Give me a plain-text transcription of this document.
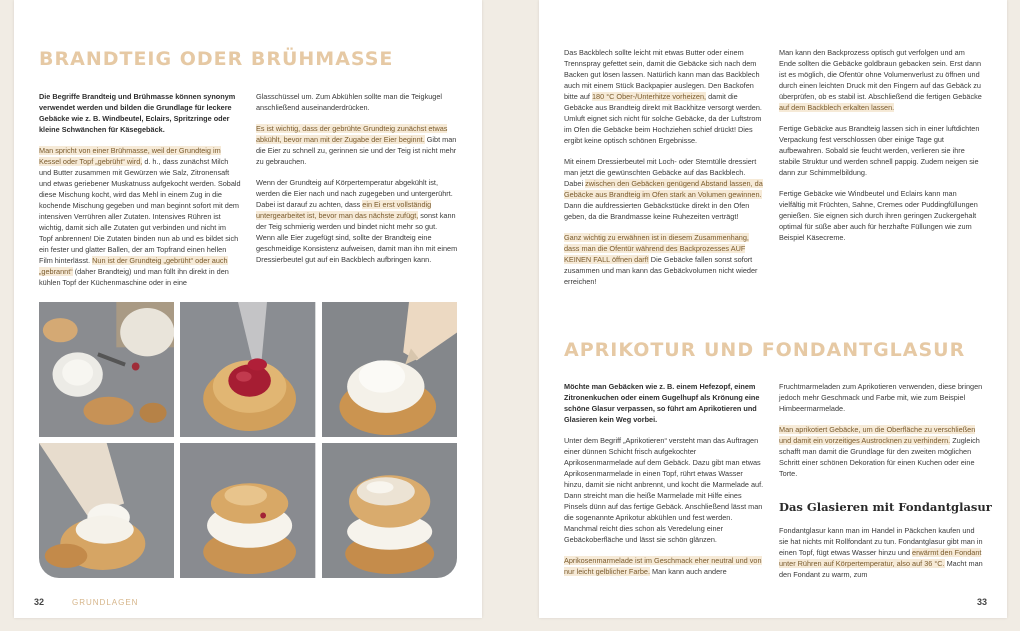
BRANDTEIG ODER BRÜHMASSE

Die Begriffe Brandteig und Brühmasse können synonym verwendet werden und bilden die Grundlage für leckere Gebäcke wie z. B. Windbeutel, Eclairs, Spritzringe oder kleine Schwänchen für Käsegebäck.

Man spricht von einer Brühmasse, weil der Grundteig im Kessel oder Topf „gebrüht“ wird, d. h., dass zunächst Milch und Butter zusammen mit Gewürzen wie Salz, Zitronensaft und etwas geriebener Muskatnuss aufgekocht werden. Sobald diese Mischung kocht, wird das Mehl in einem Zug in die kochende Mischung gegeben und man beginnt sofort mit dem intensiven Verrühren aller Zutaten. Intensives Rühren ist wichtig, damit sich alle Zutaten gut verbinden und nicht im Topf anbrennen! Die Zutaten binden nun ab und es bildet sich ein fester und glatter Ballen, der am Topfrand einen hellen Film hinterlässt. Nun ist der Grundteig „gebrüht“ oder auch „gebrannt“ (daher Brandteig) und man füllt ihn direkt in den kühlen Topf der Küchenmaschine oder in eine

Glasschüssel um. Zum Abkühlen sollte man die Teigkugel anschließend auseinanderdrücken.

Es ist wichtig, dass der gebrühte Grundteig zunächst etwas abkühlt, bevor man mit der Zugabe der Eier beginnt. Gibt man die Eier zu schnell zu, gerinnen sie und der Teig ist nicht mehr zu gebrauchen.

Wenn der Grundteig auf Körpertemperatur abgekühlt ist, werden die Eier nach und nach zugegeben und untergerührt. Dabei ist darauf zu achten, dass ein Ei erst vollständig untergearbeitet ist, bevor man das nächste zufügt, sonst kann der Teig schmierig werden und bindet nicht mehr so gut. Wenn alle Eier zugefügt sind, sollte der Brandteig eine geschmeidige Konsistenz aufweisen, damit man ihn mit einem Dressierbeutel gut auf ein Backblech aufbringen kann.

32	GRUNDLAGEN

Das Backblech sollte leicht mit etwas Butter oder einem Trennspray gefettet sein, damit die Gebäcke sich nach dem Backen gut lösen lassen. Natürlich kann man das Backblech auch mit einem Stück Backpapier auslegen. Den Backofen bitte auf 180 °C Ober-/Unterhitze vorheizen, damit die Gebäcke aus Brandteig direkt mit Backhitze versorgt werden. Umluft eignet sich nicht für solche Gebäcke, da der Luftstrom im Ofen die Gebäcke beim Hochziehen schief drückt! Dies ergibt keine optisch schönen Ergebnisse.

Mit einem Dressierbeutel mit Loch- oder Sterntülle dressiert man jetzt die gewünschten Gebäcke auf das Backblech. Dabei zwischen den Gebäcken genügend Abstand lassen, da Gebäcke aus Brandteig im Ofen stark an Volumen gewinnen. Dann die aufdressierten Gebäckstücke direkt in den Ofen geben, da die Brandmasse keine Ruhezeiten verträgt!

Ganz wichtig zu erwähnen ist in diesem Zusammenhang, dass man die Ofentür während des Backprozesses AUF KEINEN FALL öffnen darf! Die Gebäcke fallen sonst sofort zusammen und man kann das Gebäckvolumen nicht wieder erreichen!

Man kann den Backprozess optisch gut verfolgen und am Ende sollten die Gebäcke goldbraun gebacken sein. Erst dann ist es möglich, die Ofentür ohne Volumenverlust zu öffnen und durch einen leichten Druck mit den Fingern auf das Gebäck zu überprüfen, ob es stabil ist. Abschließend die fertigen Gebäcke auf dem Backblech erkalten lassen.

Fertige Gebäcke aus Brandteig lassen sich in einer luftdichten Verpackung fest verschlossen über einige Tage gut aufbewahren. Sobald sie feucht werden, verlieren sie ihre stabile Struktur und werden schnell pappig. Zudem neigen sie dann zur Schimmelbildung.

Fertige Gebäcke wie Windbeutel und Eclairs kann man vielfältig mit Früchten, Sahne, Cremes oder Puddingfüllungen genießen. Sie eignen sich durch ihren geringen Zuckergehalt optimal für süße aber auch für herzhafte Füllungen wie zum Beispiel Käsecreme.

APRIKOTUR UND FONDANTGLASUR

Möchte man Gebäcken wie z. B. einem Hefezopf, einem Zitronenkuchen oder einem Gugelhupf als Krönung eine schöne Glasur verpassen, so führt am Aprikotieren und Glasieren kein Weg vorbei.

Unter dem Begriff „Aprikotieren“ versteht man das Auftragen einer dünnen Schicht frisch aufgekochter Aprikosenmarmelade auf dem Gebäck. Dazu gibt man etwas Aprikosenmarmelade in einen Topf, rührt etwas Wasser hinzu, damit sie nicht anbrennt, und kocht die Marmelade auf. Dann streicht man die heiße Marmelade mit Hilfe eines Pinsels dünn auf das fertige Gebäck. Anschließend lässt man die sogenannte Aprikotur abkühlen und fest werden. Manchmal reicht dies schon als Veredelung einer Gebäckoberfläche und lässt sie schön glänzen.

Aprikosenmarmelade ist im Geschmack eher neutral und von nur leicht gelblicher Farbe. Man kann auch andere

Fruchtmarmeladen zum Aprikotieren verwenden, diese bringen jedoch mehr Geschmack und Farbe mit, wie zum Beispiel Himbeermarmelade.

Man aprikotiert Gebäcke, um die Oberfläche zu verschließen und damit ein vorzeitiges Austrocknen zu verhindern. Zugleich schafft man damit die Grundlage für den zweiten möglichen Schritt einer schönen Dekoration für einen Kuchen oder eine Torte.

Das Glasieren mit Fondantglasur

Fondantglasur kann man im Handel in Päckchen kaufen und sie hat nichts mit Rollfondant zu tun. Fondantglasur gibt man in einen Topf, fügt etwas Wasser hinzu und erwärmt den Fondant unter Rühren auf Körpertemperatur, also auf 36 °C. Macht man den Fondant zu warm, zum

33
